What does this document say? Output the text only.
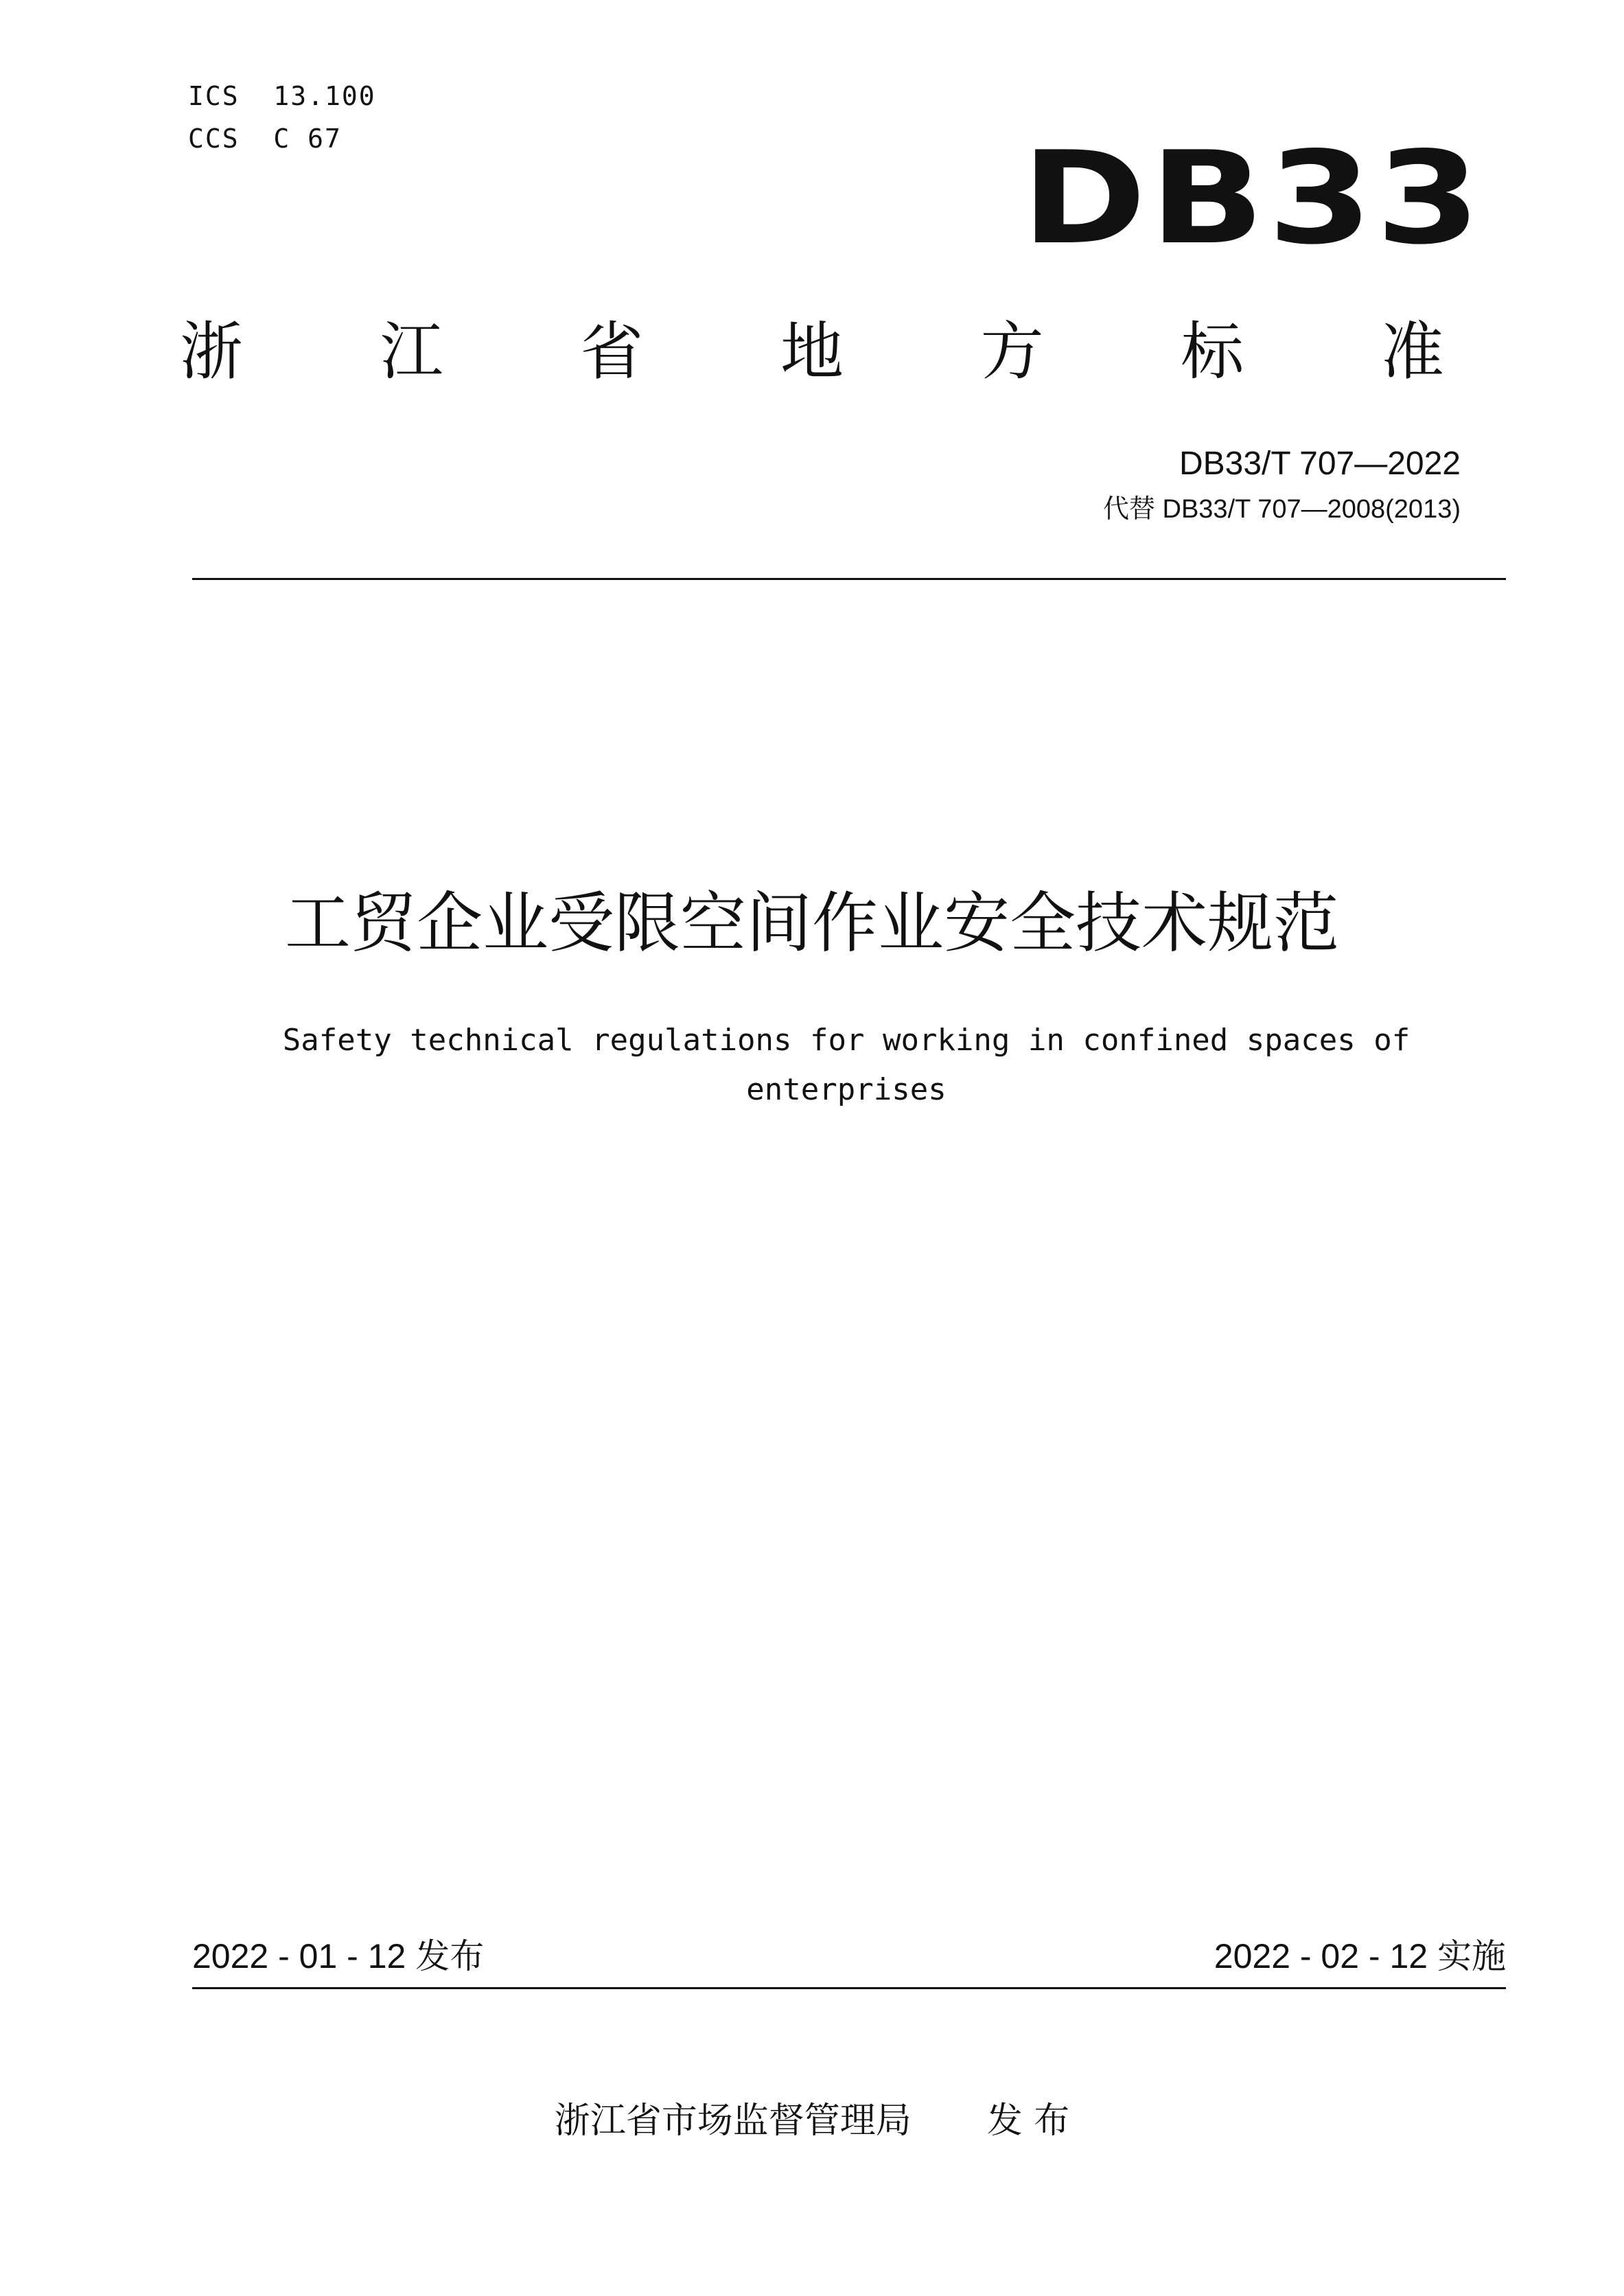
ICS  13.100
CCS  C 67	DB33
浙 江 省 地 方 标 准
DB33/T 707—2022
代替 DB33/T 707—2008(2013)
工贸企业受限空间作业安全技术规范
Safety technical regulations for working in confined spaces of enterprises
2022 - 01 - 12 发布	2022 - 02 - 12 实施
浙江省市场监督管理局 发 布
